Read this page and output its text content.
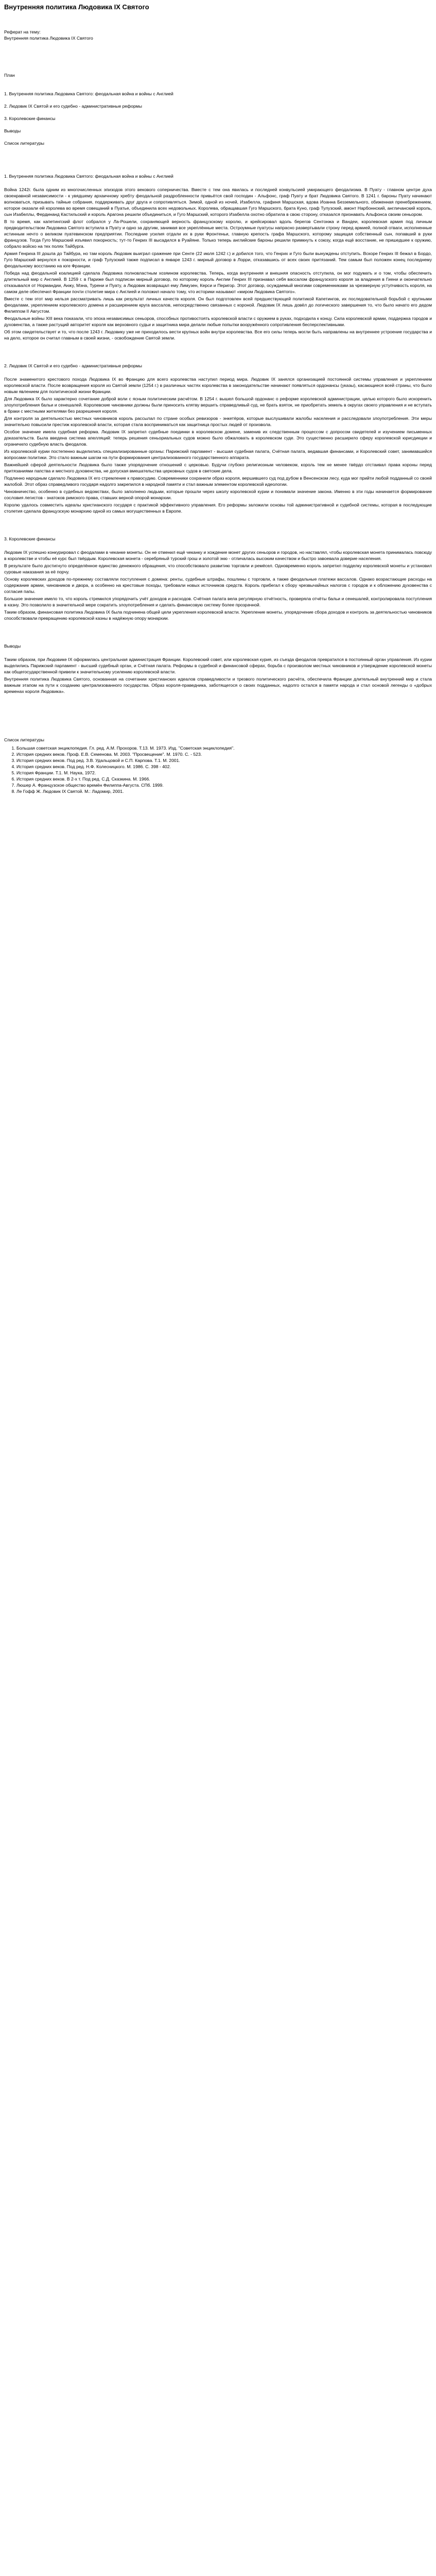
Внутренняя политика Людовика IX Святого

Реферат на тему:

Внутренняя политика Людовика IX Святого

План

1. Внутренняя политика Людовика Святого: феодальная война и войны с Англией

2. Людовик IX Святой и его судебно - административные реформы

3. Королевские финансы

Выводы

Список литературы

1. Внутренняя политика Людовика Святого: феодальная война и войны с Англией

Война 1242г. была одним из многочисленных эпизодов этого векового соперничества. Вместе с тем она явилась и последней конвульсией умирающего феодализма. В Пуату - главном центре духа своенравной независимости - к увядшему архаичному хребту феодальной раздробленности привьётся свой господин - Альфонс, граф Пуату и брат Людовика Святого. В 1241 г. бароны Пуату начинают волноваться, призывать тайные собрания, поддерживать друг друга и сопротивляться. Зимой, одной из ночей, Изабелла, графиня Маршская, вдова Иоанна Безземельного, обиженная пренебрежением, которое оказали ей королева во время совещаний в Пуатье, объединила всех недовольных. Королева, обращавшая Гуго Маршского, брата Куно, граф Тулузский, амонт Нарбоннский, англичанский король, сын Изабеллы, Фердинанд Кастильский и король Арагона решили объединиться, и Гуго Маршский, которого Изабелла охотно обратила в свою сторону, отказался признавать Альфонса своим сеньором.

В то время, как капетингский флот собрался у Ла-Рошели, сохраняющей верность французскому королю, и крейсировал вдоль берегов Сентонжа и Вандеи, королевская армия под личным предводительством Людовика Святого вступила в Пуату и одно за другим, занимая все укреплённые места. Остроумные пуатусы напрасно развертывали строну перед армией, полной отваги, исполненные истинным нечто о великом пуатевинском предприятии. Последние усилия отдали их в руки Фронтеньи, главную крепость графа Маршского, которому защищая собственный сын, попавший в руки французов. Тогда Гуго Маршский изъявил покорность; тут-то Генрих III высадился в Руайяне. Только теперь английские бароны решили примкнуть к союзу, когда ещё восстание, не пришедшее к оружию, собрало войско на тех полях Тайбурга.

Армия Генриха III дошла до Тайбура, но там король Людовик выиграл сражение при Сенте (22 июля 1242 г.) и добился того, что Генрих и Гуго были вынуждены отступить. Вскоре Генрих III бежал в Бордо, Гуго Маршский вернулся к покорности, и граф Тулузский также подписал в январе 1243 г. мирный договор в Лорри, отказавшись от всех своих притязаний. Тем самым был положен конец последнему феодальному восстанию на юге Франции.

Победа над феодальной коалицией сделала Людовика полновластным хозяином королевства. Теперь, когда внутренняя и внешняя опасность отступила, он мог подумать и о том, чтобы обеспечить длительный мир с Англией. В 1259 г. в Париже был подписан мирный договор, по которому король Англии Генрих III признавал себя вассалом французского короля за владения в Гиени и окончательно отказывался от Нормандии, Анжу, Мэна, Турени и Пуату, а Людовик возвращал ему Лимузен, Керси и Перигор. Этот договор, осуждаемый многими современниками за чрезмерную уступчивость короля, на самом деле обеспечил Франции почти столетие мира с Англией и положил начало тому, что историки называют «миром Людовика Святого».

Вместе с тем этот мир нельзя рассматривать лишь как результат личных качеств короля. Он был подготовлен всей предшествующей политикой Капетингов, их последовательной борьбой с крупными феодалами, укреплением королевского домена и расширением круга вассалов, непосредственно связанных с короной. Людовик IX лишь довёл до логического завершения то, что было начато его дедом Филиппом II Августом.

Феодальные войны XIII века показали, что эпоха независимых сеньоров, способных противостоять королевской власти с оружием в руках, подходила к концу. Сила королевской армии, поддержка городов и духовенства, а также растущий авторитет короля как верховного судьи и защитника мира делали любые попытки вооружённого сопротивления бесперспективными.

Об этом свидетельствует и то, что после 1243 г. Людовику уже не приходилось вести крупных войн внутри королевства. Все его силы теперь могли быть направлены на внутреннее устроение государства и на дело, которое он считал главным в своей жизни, - освобождение Святой земли.

2. Людовик IX Святой и его судебно - административные реформы

После знаменитого крестового похода Людовика IX во Францию для всего королевства наступил период мира. Людовик IX занялся организацией постоянной системы управления и укреплением королевской власти. После возвращения короля из Святой земли (1254 г.) в различных частях королевства в законодательстве начинают появляться ордонансы (указы), касающиеся всей страны, что было новым явлением для политической жизни Франции.

Для Людовика IX было характерно сочетание доброй воли с ясным политическим расчётом. В 1254 г. вышел большой ордонанс о реформе королевской администрации, целью которого было искоренить злоупотребления бальи и сенешалей. Королевские чиновники должны были приносить клятву вершить справедливый суд, не брать взяток, не приобретать земель в округах своего управления и не вступать в браки с местными жителями без разрешения короля.

Для контроля за деятельностью местных чиновников король рассылал по стране особых ревизоров - энкетёров, которые выслушивали жалобы населения и расследовали злоупотребления. Эти меры значительно повысили престиж королевской власти, которая стала восприниматься как защитница простых людей от произвола.

Особое значение имела судебная реформа. Людовик IX запретил судебные поединки в королевском домене, заменив их следственным процессом с допросом свидетелей и изучением письменных доказательств. Была введена система апелляций: теперь решения сеньориальных судов можно было обжаловать в королевском суде. Это существенно расширило сферу королевской юрисдикции и ограничило судебную власть феодалов.

Из королевской курии постепенно выделились специализированные органы: Парижский парламент - высшая судебная палата, Счётная палата, ведавшая финансами, и Королевский совет, занимавшийся вопросами политики. Это стало важным шагом на пути формирования централизованного государственного аппарата.

Важнейшей сферой деятельности Людовика было также упорядочение отношений с церковью. Будучи глубоко религиозным человеком, король тем не менее твёрдо отстаивал права короны перед притязаниями папства и местного духовенства, не допуская вмешательства церковных судов в светские дела.

Подлинно народным сделало Людовика IX его стремление к правосудию. Современники сохранили образ короля, вершившего суд под дубом в Венсенском лесу, куда мог прийти любой подданный со своей жалобой. Этот образ справедливого государя надолго закрепился в народной памяти и стал важным элементом королевской идеологии.

Чиновничество, особенно в судебных ведомствах, было заполнено людьми, которые прошли через школу королевской курии и понимали значение закона. Именно в эти годы начинается формирование сословия легистов - знатоков римского права, ставших верной опорой монархии.

Королю удалось совместить идеалы христианского государя с практикой эффективного управления. Его реформы заложили основы той административной и судебной системы, которая в последующие столетия сделала французскую монархию одной из самых могущественных в Европе.

3. Королевские финансы

Людовик IX успешно конкурировал с феодалами в чеканке монеты. Он не отменил ещё чеканку и хождение монет других сеньоров и городов, но наставлял, чтобы королевская монета принималась повсюду в королевстве и чтобы её курс был твёрдым. Королевская монета - серебряный турский грош и золотой экю - отличалась высоким качеством и быстро завоевала доверие населения.

В результате было достигнуто определённое единство денежного обращения, что способствовало развитию торговли и ремёсел. Одновременно король запретил подделку королевской монеты и установил суровые наказания за её порчу.

Основу королевских доходов по-прежнему составляли поступления с домена: ренты, судебные штрафы, пошлины с торговли, а также феодальные платежи вассалов. Однако возрастающие расходы на содержание армии, чиновников и двора, а особенно на крестовые походы, требовали новых источников средств. Король прибегал к сбору чрезвычайных налогов с городов и к обложению духовенства с согласия папы.

Большое значение имело то, что король стремился упорядочить учёт доходов и расходов. Счётная палата вела регулярную отчётность, проверяла отчёты бальи и сенешалей, контролировала поступления в казну. Это позволило в значительной мере сократить злоупотребления и сделать финансовую систему более прозрачной.

Таким образом, финансовая политика Людовика IX была подчинена общей цели укрепления королевской власти. Укрепление монеты, упорядочение сбора доходов и контроль за деятельностью чиновников способствовали превращению королевской казны в надёжную опору монархии.

Выводы

Таким образом, при Людовике IX оформилась центральная администрация Франции. Королевский совет, или королевская курия, из съезда феодалов превратился в постоянный орган управления. Из курии выделились Парижский парламент - высший судебный орган, и Счётная палата. Реформы в судебной и финансовой сферах, борьба с произволом местных чиновников и утверждение королевской монеты как общегосударственной привели к значительному усилению королевской власти.

Внутренняя политика Людовика Святого, основанная на сочетании христианских идеалов справедливости и трезвого политического расчёта, обеспечила Франции длительный внутренний мир и стала важным этапом на пути к созданию централизованного государства. Образ короля-праведника, заботящегося о своих подданных, надолго остался в памяти народа и стал основой легенды о «добрых временах короля Людовика».

Список литературы

1. Большая советская энциклопедия. Гл. ред. А.М. Прохоров. Т.13. М. 1973. Изд. "Советская энциклопедия".
2. История средних веков. Проф. Е.В. Семенова. М. 2003. "Просвещение". М. 1970. С. - 523.
3. История средних веков. Под ред. З.В. Удальцовой и С.П. Карпова. Т.1. М. 2001.
4. История средних веков. Под ред. Н.Ф. Колесницкого. М. 1986. С. 398 - 402.
5. История Франции. Т.1. М. Наука, 1972.
6. История средних веков. В 2-х т. Под ред. С.Д. Сказкина. М. 1966.
7. Люшер А. Французское общество времён Филиппа-Августа. СПб. 1999.
8. Ле Гофф Ж. Людовик IX Святой. М.: Ладомир, 2001.
